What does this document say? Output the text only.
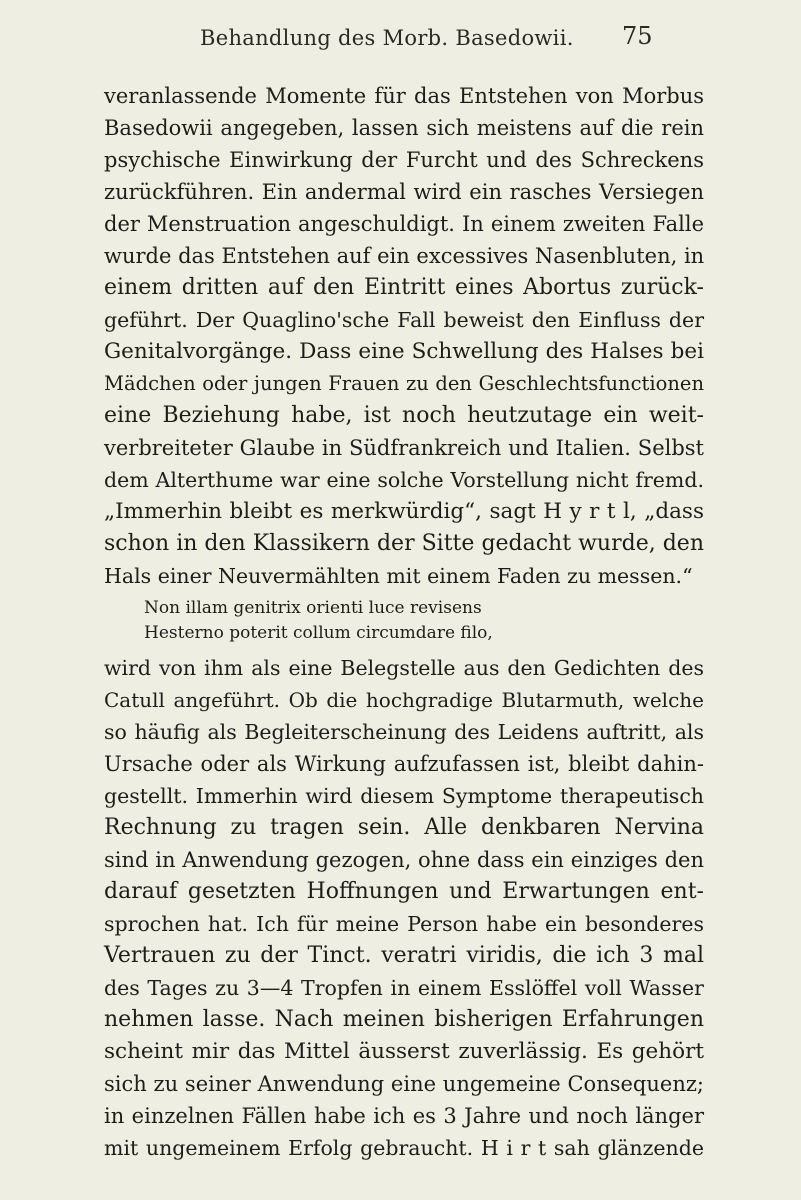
Behandlung des Morb. Basedowii. 75
veranlassende Momente für das Entstehen von Morbus
Basedowii angegeben, lassen sich meistens auf die rein
psychische Einwirkung der Furcht und des Schreckens
zurückführen. Ein andermal wird ein rasches Versiegen
der Menstruation angeschuldigt. In einem zweiten Falle
wurde das Entstehen auf ein excessives Nasenbluten, in
einem dritten auf den Eintritt eines Abortus zurück-
geführt. Der Quaglino'sche Fall beweist den Einfluss der
Genitalvorgänge. Dass eine Schwellung des Halses bei
Mädchen oder jungen Frauen zu den Geschlechtsfunctionen
eine Beziehung habe, ist noch heutzutage ein weit-
verbreiteter Glaube in Südfrankreich und Italien. Selbst
dem Alterthume war eine solche Vorstellung nicht fremd.
„Immerhin bleibt es merkwürdig“, sagt H y r t l, „dass
schon in den Klassikern der Sitte gedacht wurde, den
Hals einer Neuvermählten mit einem Faden zu messen.“
Non illam genitrix orienti luce revisens
Hesterno poterit collum circumdare filo,
wird von ihm als eine Belegstelle aus den Gedichten des
Catull angeführt. Ob die hochgradige Blutarmuth, welche
so häufig als Begleiterscheinung des Leidens auftritt, als
Ursache oder als Wirkung aufzufassen ist, bleibt dahin-
gestellt. Immerhin wird diesem Symptome therapeutisch
Rechnung zu tragen sein. Alle denkbaren Nervina
sind in Anwendung gezogen, ohne dass ein einziges den
darauf gesetzten Hoffnungen und Erwartungen ent-
sprochen hat. Ich für meine Person habe ein besonderes
Vertrauen zu der Tinct. veratri viridis, die ich 3 mal
des Tages zu 3—4 Tropfen in einem Esslöffel voll Wasser
nehmen lasse. Nach meinen bisherigen Erfahrungen
scheint mir das Mittel äusserst zuverlässig. Es gehört
sich zu seiner Anwendung eine ungemeine Consequenz;
in einzelnen Fällen habe ich es 3 Jahre und noch länger
mit ungemeinem Erfolg gebraucht. H i r t sah glänzende
